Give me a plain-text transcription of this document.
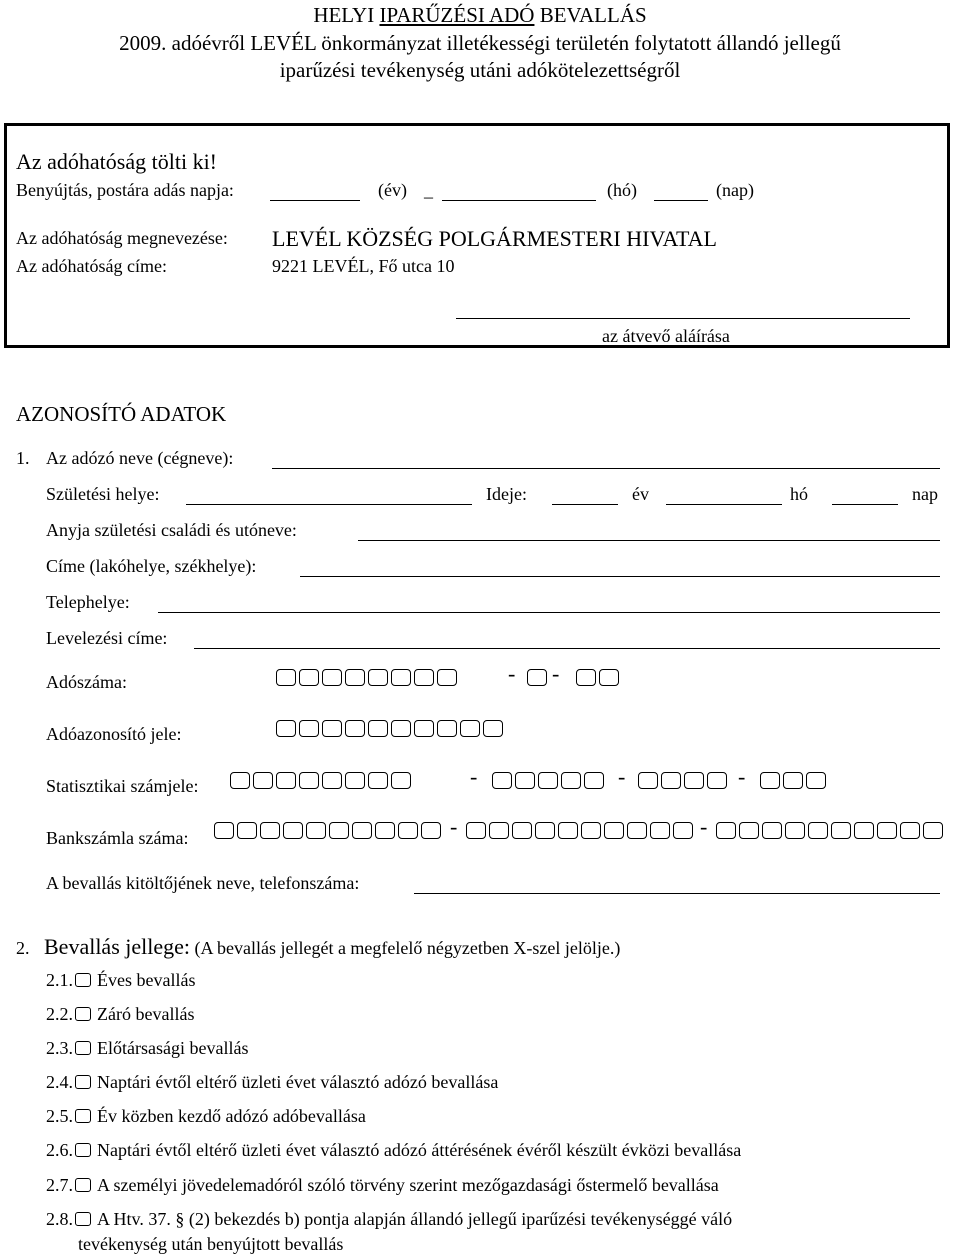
HELYI IPARŰZÉSI ADÓ BEVALLÁS
2009. adóévről LEVÉL önkormányzat illetékességi területén folytatott állandó jellegű
iparűzési tevékenység utáni adókötelezettségről
Az adóhatóság tölti ki!
Benyújtás, postára adás napja:	(év) _	(hó)	(nap)
Az adóhatóság megnevezése: LEVÉL KÖZSÉG POLGÁRMESTERI HIVATAL
Az adóhatóság címe:	9221 LEVÉL, Fő utca 10
az átvevő aláírása
AZONOSÍTÓ ADATOK
1. Az adózó neve (cégneve):
Születési helye:	Ideje:	év	hó	nap
Anyja születési családi és utóneve:
Címe (lakóhelye, székhelye):
Telephelye:
Levelezési címe:
Adószáma:	- -
Adóazonosító jele:
Statisztikai számjele:	-	-	-
Bankszámla száma:	-	-
A bevallás kitöltőjének neve, telefonszáma:
2. Bevallás jellege: (A bevallás jellegét a megfelelő négyzetben X-szel jelölje.)
2.1. Éves bevallás
2.2. Záró bevallás
2.3. Előtársasági bevallás
2.4. Naptári évtől eltérő üzleti évet választó adózó bevallása
2.5. Év közben kezdő adózó adóbevallása
2.6. Naptári évtől eltérő üzleti évet választó adózó áttérésének évéről készült évközi bevallása
2.7. A személyi jövedelemadóról szóló törvény szerint mezőgazdasági őstermelő bevallása
2.8. A Htv. 37. § (2) bekezdés b) pontja alapján állandó jellegű iparűzési tevékenységgé váló
tevékenység után benyújtott bevallás
